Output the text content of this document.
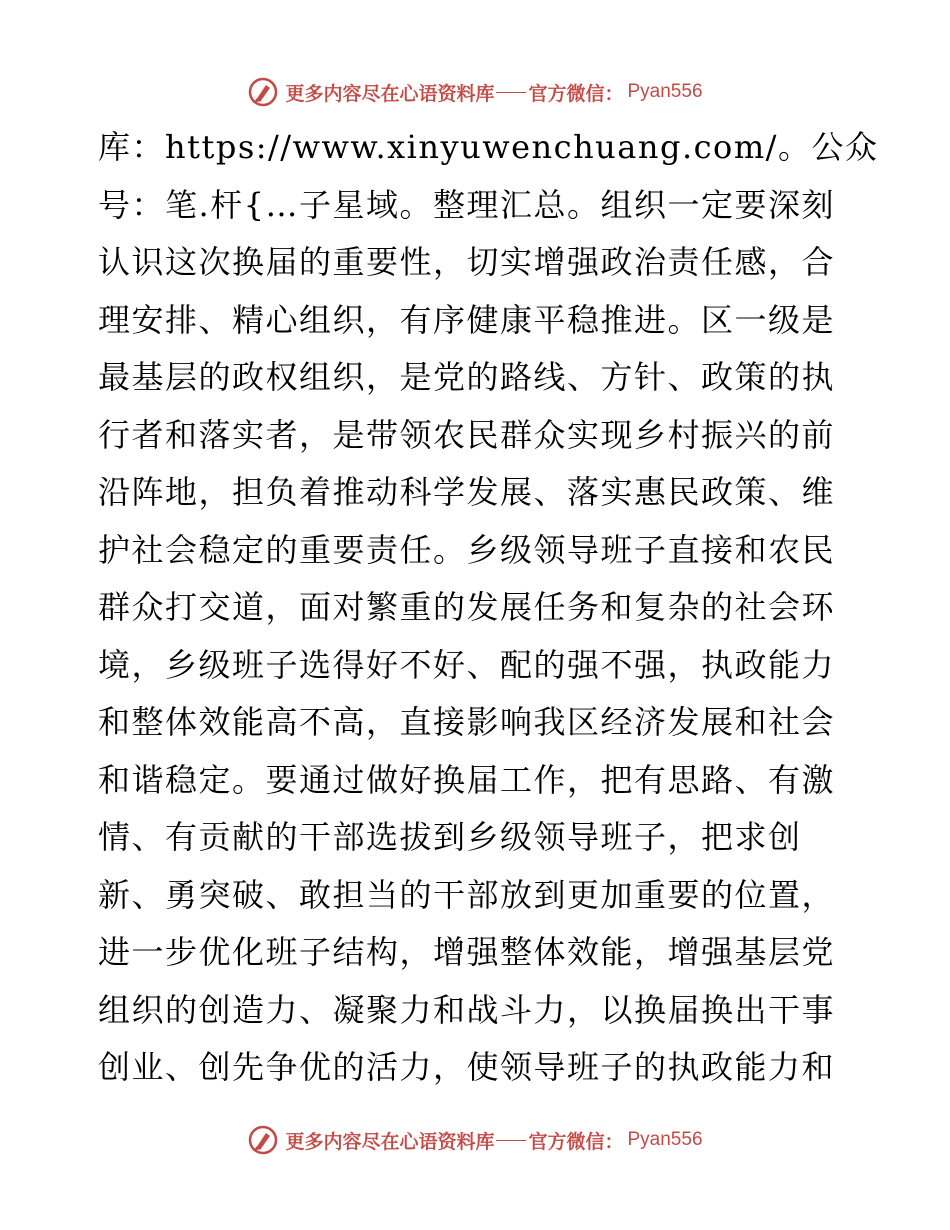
更多内容尽在心语资料库 官方微信： Pyan556
库：https://www.xinyuwenchuang.com/。公众
号：笔.杆{…子星域。整理汇总。组织一定要深刻
认识这次换届的重要性，切实增强政治责任感，合
理安排、精心组织，有序健康平稳推进。区一级是
最基层的政权组织，是党的路线、方针、政策的执
行者和落实者，是带领农民群众实现乡村振兴的前
沿阵地，担负着推动科学发展、落实惠民政策、维
护社会稳定的重要责任。乡级领导班子直接和农民
群众打交道，面对繁重的发展任务和复杂的社会环
境，乡级班子选得好不好、配的强不强，执政能力
和整体效能高不高，直接影响我区经济发展和社会
和谐稳定。要通过做好换届工作，把有思路、有激
情、有贡献的干部选拔到乡级领导班子，把求创
新、勇突破、敢担当的干部放到更加重要的位置，
进一步优化班子结构，增强整体效能，增强基层党
组织的创造力、凝聚力和战斗力，以换届换出干事
创业、创先争优的活力，使领导班子的执政能力和
更多内容尽在心语资料库 官方微信： Pyan556
